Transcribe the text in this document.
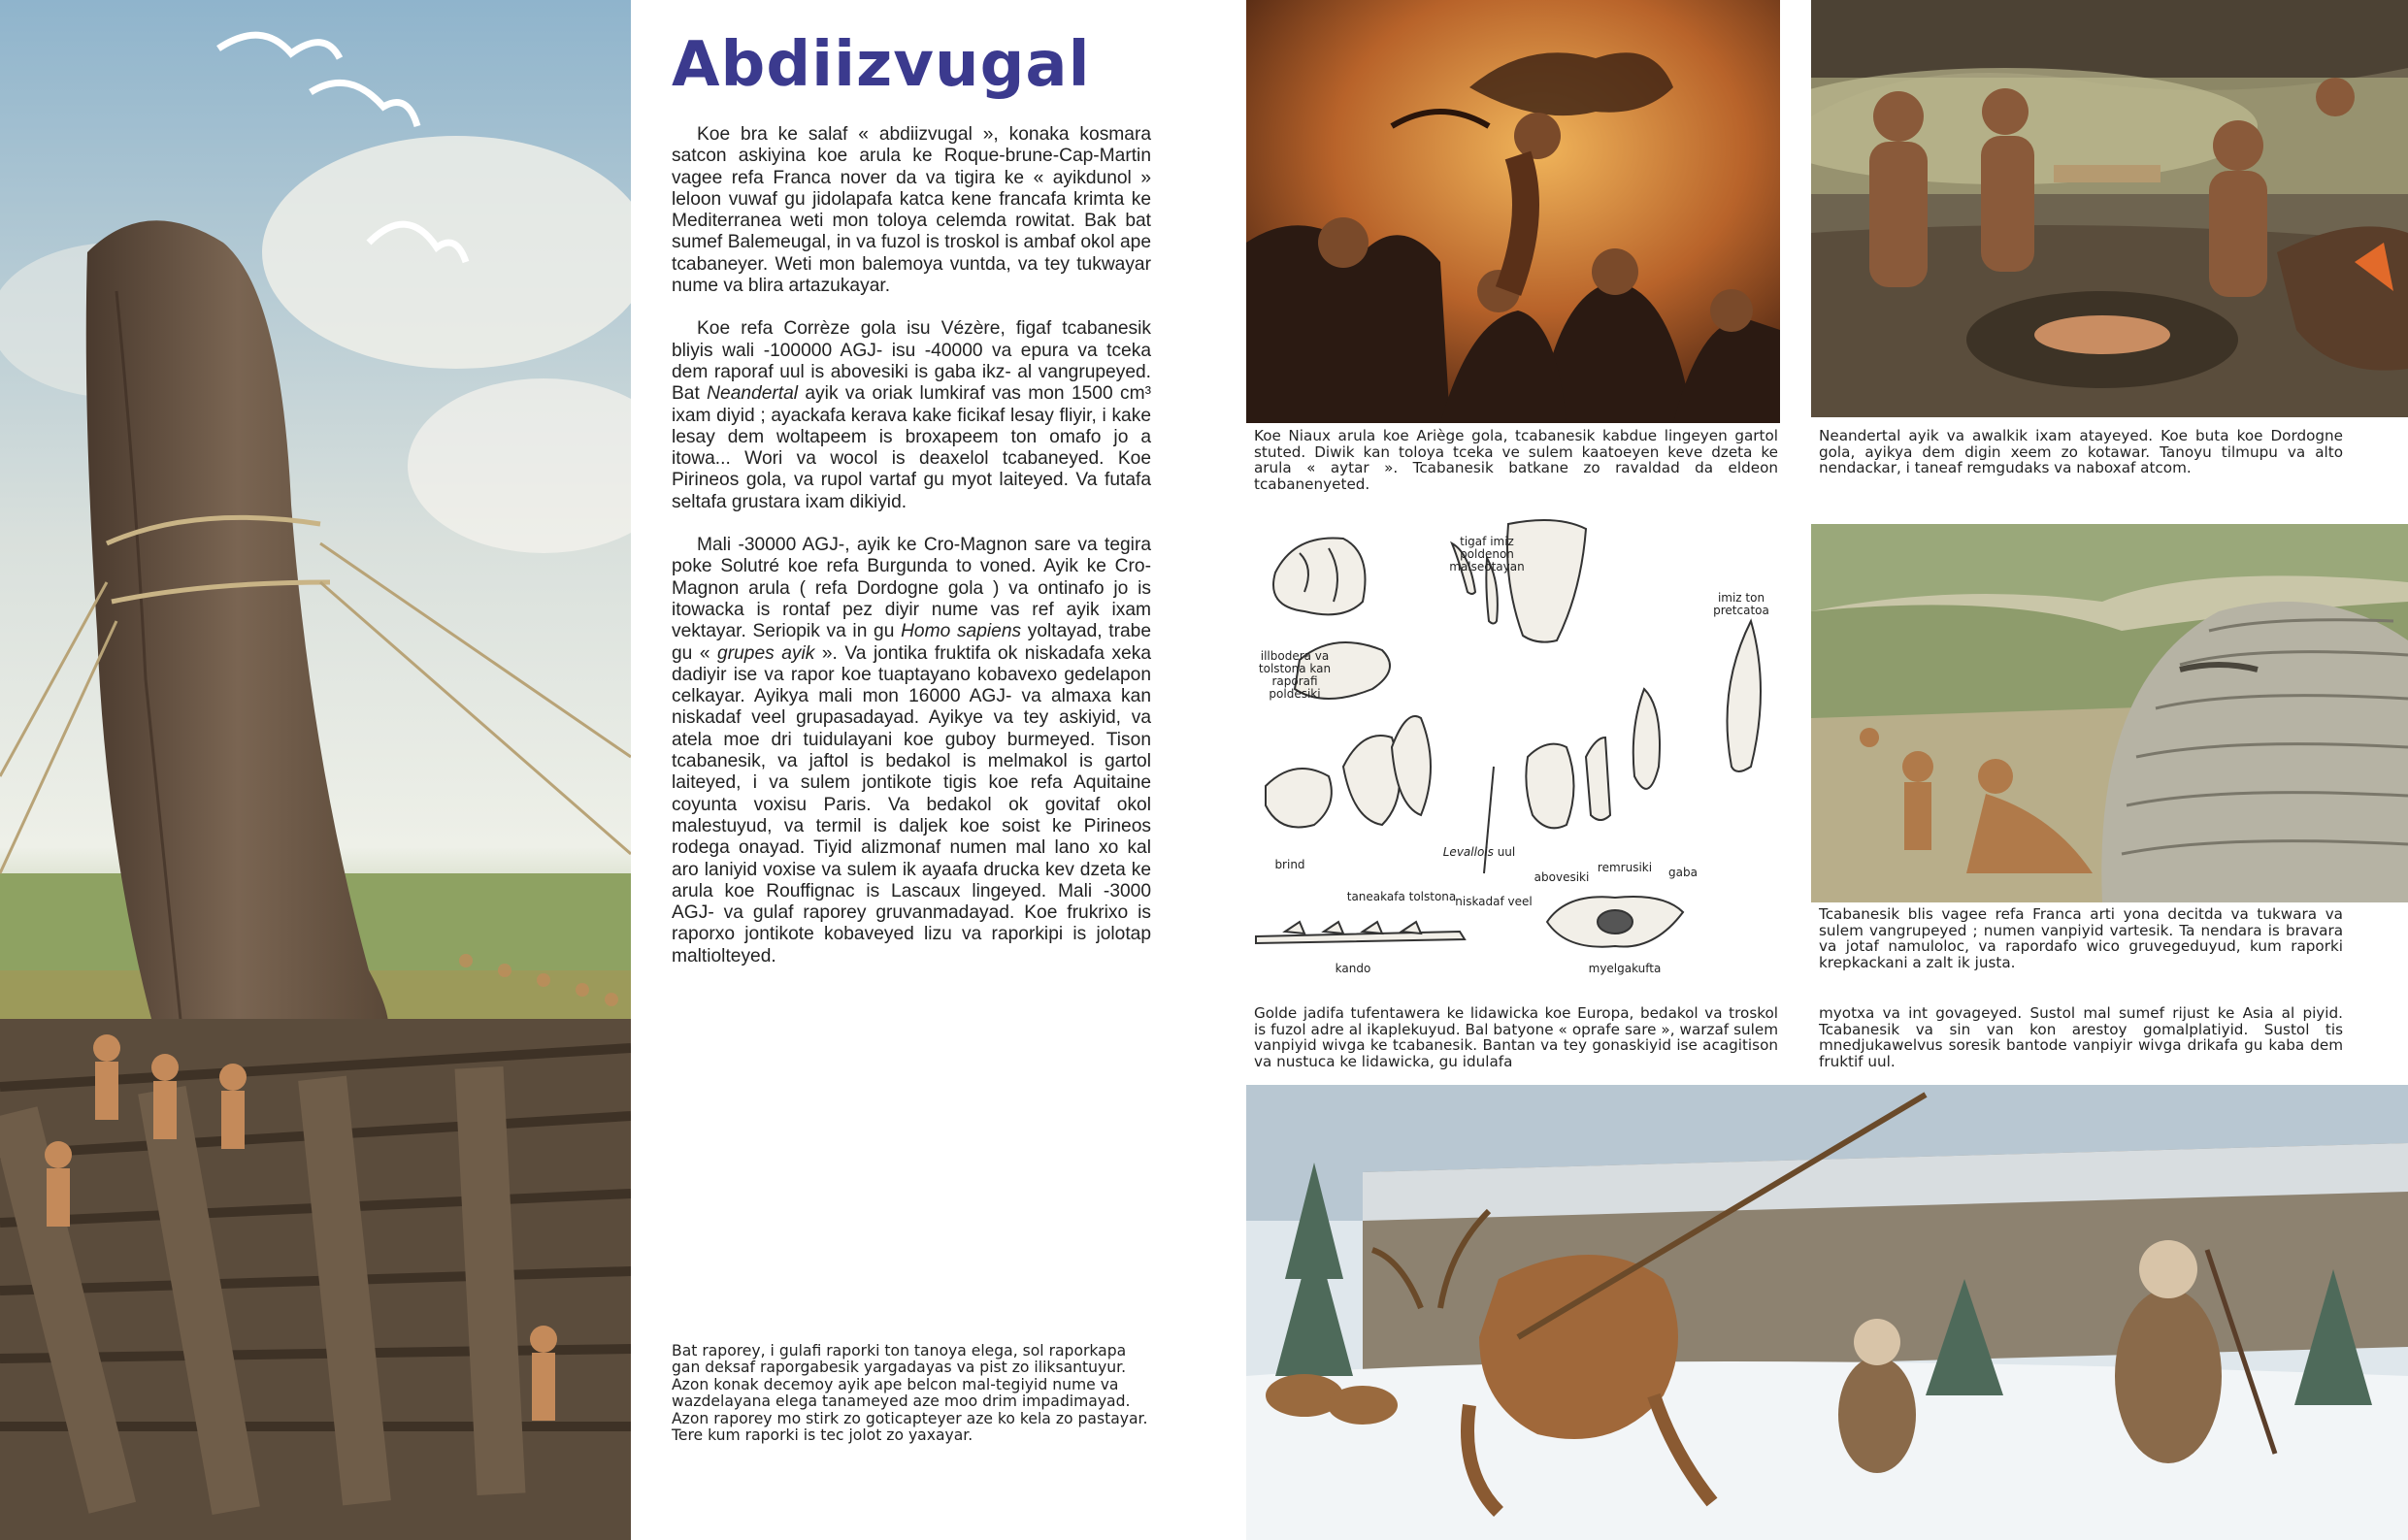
Abdiizvugal

Koe bra ke salaf « abdiizvugal », konaka kosmara satcon askiyina koe arula ke Roque-brune-Cap-Martin vagee refa Franca nover da va tigira ke « ayikdunol » leloon vuwaf gu jidolapafa katca kene francafa krimta ke Mediterranea weti mon toloya celemda rowitat. Bak bat sumef Balemeugal, in va fuzol is troskol is ambaf okol ape tcabaneyer. Weti mon balemoya vuntda, va tey tukwayar nume va blira artazukayar.

Koe refa Corrèze gola isu Vézère, figaf tcabanesik bliyis wali -100000 AGJ- isu -40000 va epura va tceka dem raporaf uul is abovesiki is gaba ikz- al vangrupeyed. Bat Neandertal ayik va oriak lumkiraf vas mon 1500 cm³ ixam diyid ; ayackafa kerava kake ficikaf lesay fliyir, i kake lesay dem woltapeem is broxapeem ton omafo jo a itowa... Wori va wocol is deaxelol tcabaneyed. Koe Pirineos gola, va rupol vartaf gu myot laiteyed. Va futafa seltafa grustara ixam dikiyid.

Mali -30000 AGJ-, ayik ke Cro-Magnon sare va tegira poke Solutré koe refa Burgunda to voned. Ayik ke Cro-Magnon arula ( refa Dordogne gola ) va ontinafo jo is itowacka is rontaf pez diyir nume vas ref ayik ixam vektayar. Seriopik va in gu Homo sapiens yoltayad, trabe gu « grupes ayik ». Va jontika fruktifa ok niskadafa xeka dadiyir ise va rapor koe tuaptayano kobavexo gedelapon celkayar. Ayikya mali mon 16000 AGJ- va almaxa kan niskadaf veel grupasadayad. Ayikye va tey askiyid, va atela moe dri tuidulayani koe guboy burmeyed. Tison tcabanesik, va jaftol is bedakol is melmakol is gartol laiteyed, i va sulem jontikote tigis koe refa Aquitaine coyunta voxisu Paris. Va bedakol ok govitaf okol malestuyud, va termil is daljek koe soist ke Pirineos rodega onayad. Tiyid alizmonaf numen mal lano xo kal aro laniyid voxise va sulem ik ayaafa drucka kev dzeta ke arula koe Rouffignac is Lascaux lingeyed. Mali -3000 AGJ- va gulaf raporey gruvanmadayad. Koe frukrixo is raporxo jontikote kobaveyed lizu va raporkipi is jolotap maltiolteyed.

Bat raporey, i gulafi raporki ton tanoya elega, sol raporkapa gan deksaf raporgabesik yargadayas va pist zo iliksantuyur. Azon konak decemoy ayik ape belcon mal-tegiyid nume va wazdelayana elega tanameyed aze moo drim impadimayad. Azon raporey mo stirk zo goticapteyer aze ko kela zo pastayar. Tere kum raporki is tec jolot zo yaxayar.
Koe Niaux arula koe Ariège gola, tcabanesik kabdue lingeyen gartol stuted. Diwik kan toloya tceka ve sulem kaatoeyen keve dzeta ke arula « aytar ». Tcabanesik batkane zo ravaldad da eldeon tcabanenyeted.
Neandertal ayik va awalkik ixam atayeyed. Koe buta koe Dordogne gola, ayikya dem digin xeem zo kotawar. Tanoyu tilmupu va alto nendackar, i taneaf remgudaks va naboxaf atcom.
tigaf imiz poldenon malseotayan
imiz ton pretcatoa
illbodera va tolstona kan raporafi poldesiki
brind
taneakafa tolstona
Levallois uul
niskadaf veel
abovesiki
remrusiki	gaba
kando	myelgakufta
Tcabanesik blis vagee refa Franca arti yona decitda va tukwara va sulem vangrupeyed ; numen vanpiyid vartesik. Ta nendara is bravara va jotaf namuloloc, va rapordafo wico gruvegeduyud, kum raporki krepkackani a zalt ik justa.
Golde jadifa tufentawera ke lidawicka koe Europa, bedakol va troskol is fuzol adre al ikaplekuyud. Bal batyone « oprafe sare », warzaf sulem vanpiyid wivga ke tcabanesik. Bantan va tey gonaskiyid ise acagitison va nustuca ke lidawicka, gu idulafa
myotxa va int govageyed. Sustol mal sumef rijust ke Asia al piyid. Tcabanesik va sin van kon arestoy gomalplatiyid. Sustol tis mnedjukawelvus soresik bantode vanpiyir wivga drikafa gu kaba dem fruktif uul.
